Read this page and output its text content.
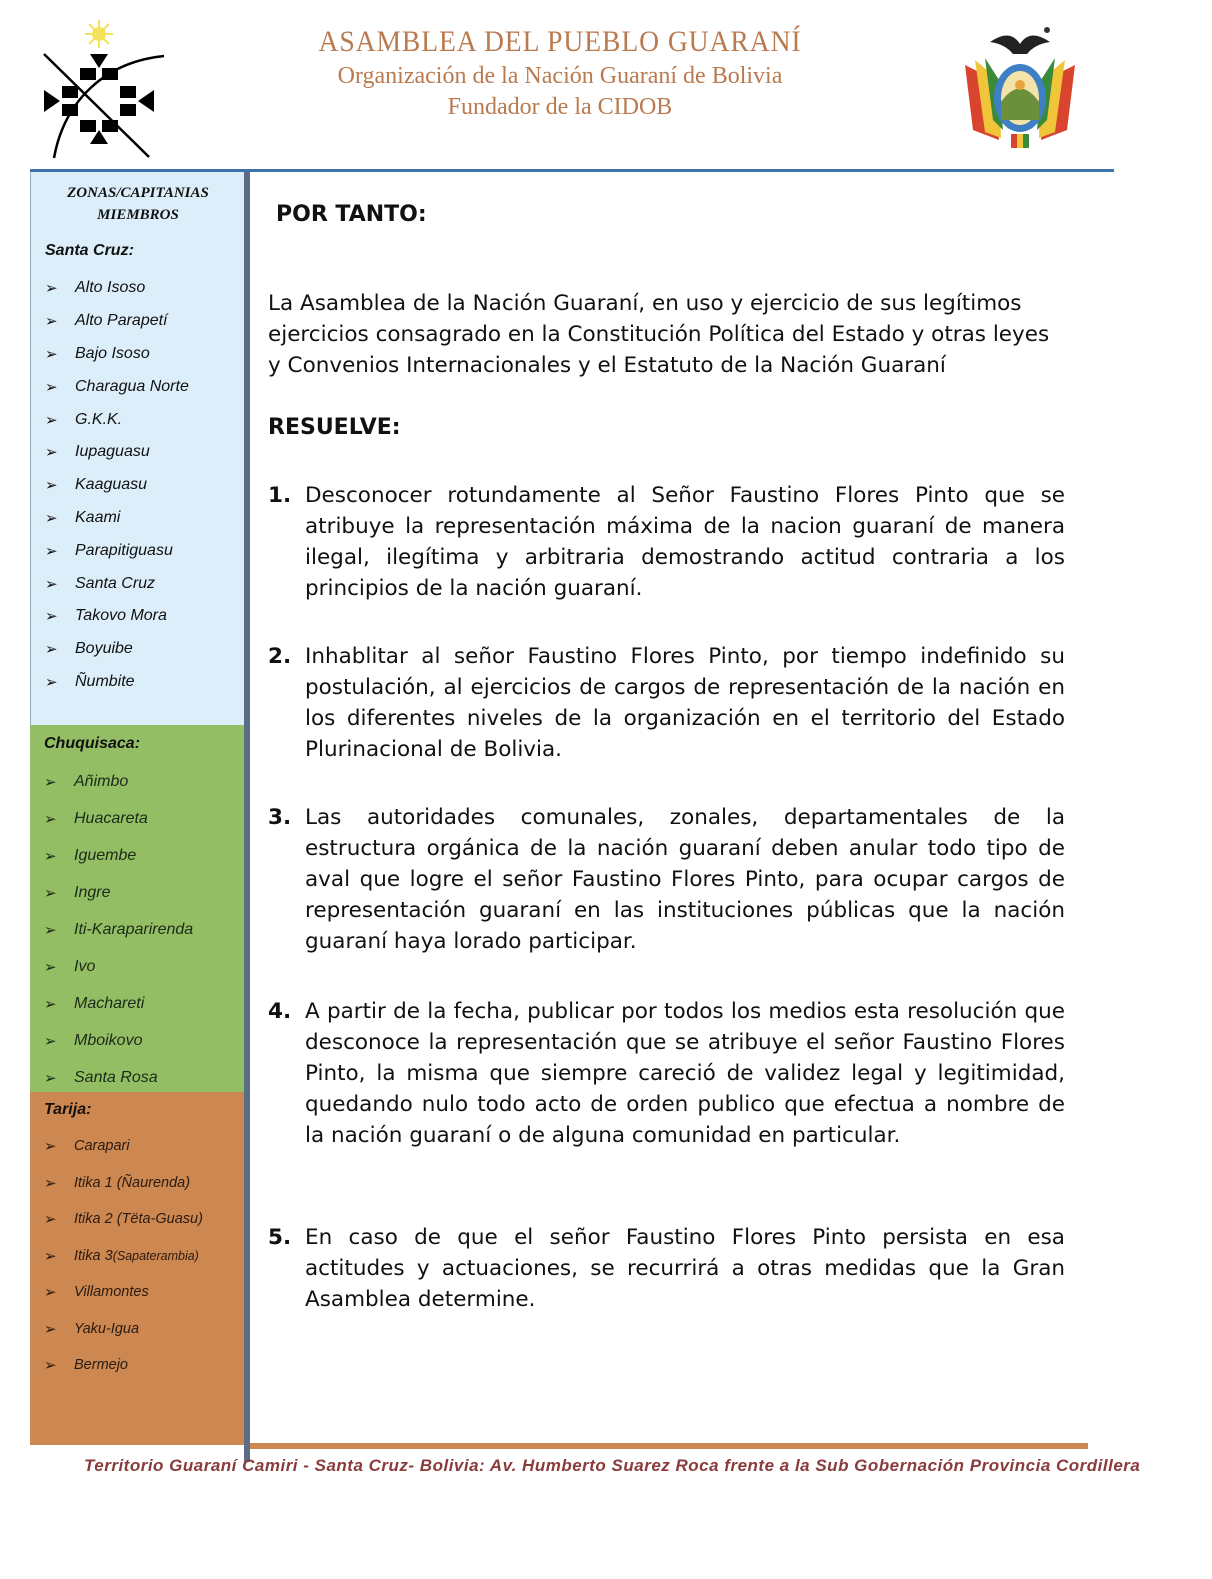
ASAMBLEA DEL PUEBLO GUARANÍ
Organización de la Nación Guaraní de Bolivia
Fundador de la CIDOB
ZONAS/CAPITANIAS
MIEMBROS
Santa Cruz:
➢	Alto Isoso
➢	Alto Parapetí
➢	Bajo Isoso
➢	Charagua Norte
➢	G.K.K.
➢	Iupaguasu
➢	Kaaguasu
➢	Kaami
➢	Parapitiguasu
➢	Santa Cruz
➢	Takovo Mora
➢	Boyuibe
➢	Ñumbite
Chuquisaca:
➢	Añimbo
➢	Huacareta
➢	Iguembe
➢	Ingre
➢	Iti-Karaparirenda
➢	Ivo
➢	Machareti
➢	Mboikovo
➢	Santa Rosa
Tarija:
➢	Carapari
➢	Itika 1 (Ñaurenda)
➢	Itika 2 (Tëta-Guasu)
➢	Itika 3 (Sapaterambia)
➢	Villamontes
➢	Yaku-Igua
➢	Bermejo
POR TANTO:
La Asamblea de la Nación Guaraní, en uso y ejercicio de sus legítimos ejercicios consagrado en la Constitución Política del Estado y otras leyes y Convenios Internacionales y el Estatuto de la Nación Guaraní
RESUELVE:
1. Desconocer rotundamente al Señor Faustino Flores Pinto que se atribuye la representación máxima de la nacion guaraní de manera ilegal, ilegítima y arbitraria demostrando actitud contraria a los principios de la nación guaraní.
2. Inhablitar al señor Faustino Flores Pinto, por tiempo indefinido su postulación, al ejercicios de cargos de representación de la nación en los diferentes niveles de la organización en el territorio del Estado Plurinacional de Bolivia.
3. Las autoridades comunales, zonales, departamentales de la estructura orgánica de la nación guaraní deben anular todo tipo de aval que logre el señor Faustino Flores Pinto, para ocupar cargos de representación guaraní en las instituciones públicas que la nación guaraní haya lorado participar.
4. A partir de la fecha, publicar por todos los medios esta resolución que desconoce la representación que se atribuye el señor Faustino Flores Pinto, la misma que siempre careció de validez legal y legitimidad, quedando nulo todo acto de orden publico que efectua a nombre de la nación guaraní o de alguna comunidad en particular.
5. En caso de que el señor Faustino Flores Pinto persista en esa actitudes y actuaciones, se recurrirá a otras medidas que la Gran Asamblea determine.
Territorio Guaraní Camiri - Santa Cruz- Bolivia: Av. Humberto Suarez Roca frente a la Sub Gobernación Provincia Cordillera
